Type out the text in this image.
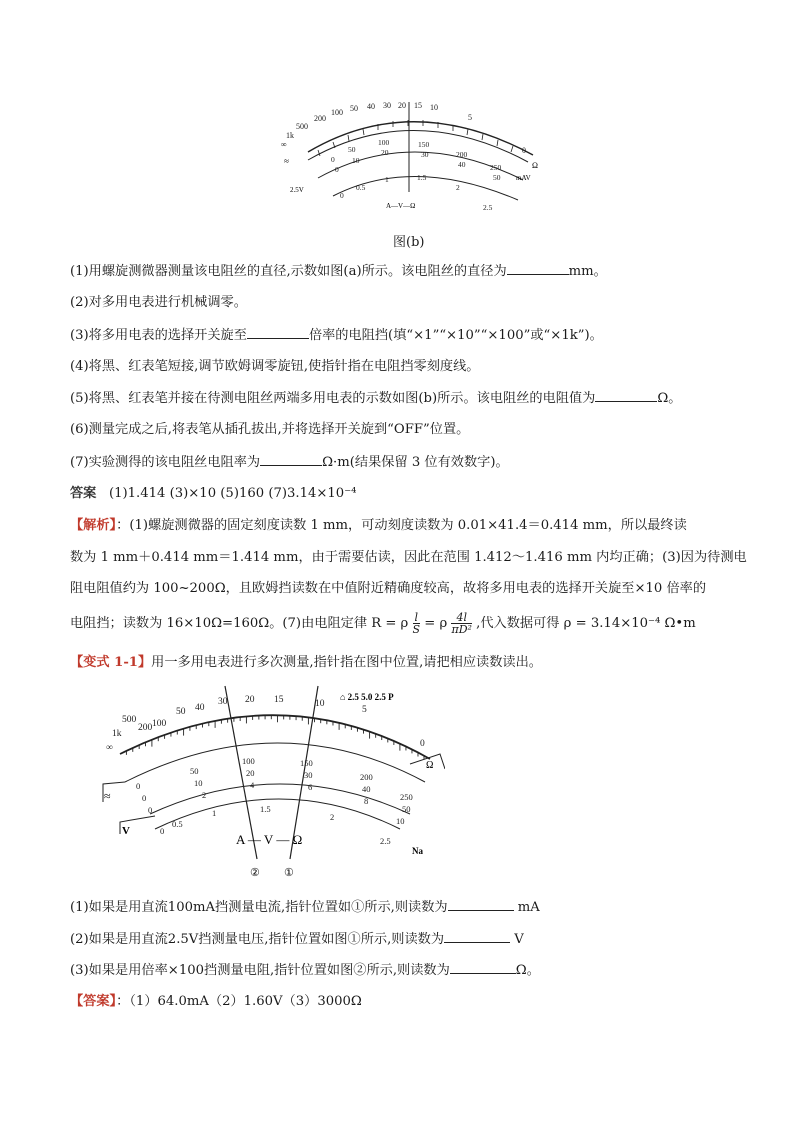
∞
1k
500
200
100 50 40 30 20 15 10
5
0
0
50
100	150
200
250
0
10
20	30
40
50
0
0.5
1	1.5
2
2.5
Ω
mAV
2.5V
≈
A—V—Ω
图(b)
(1)用螺旋测微器测量该电阻丝的直径,示数如图(a)所示。该电阻丝的直径为	mm。
(2)对多用电表进行机械调零。
(3)将多用电表的选择开关旋至	倍率的电阻挡(填“×1”“×10”“×100”或“×1k”)。
(4)将黑、红表笔短接,调节欧姆调零旋钮,使指针指在电阻挡零刻度线。
(5)将黑、红表笔并接在待测电阻丝两端多用电表的示数如图(b)所示。该电阻丝的电阻值为	Ω。
(6)测量完成之后,将表笔从插孔拔出,并将选择开关旋到“OFF”位置。
(7)实验测得的该电阻丝电阻率为	Ω·m(结果保留 3 位有效数字)。
答案 (1)1.414 (3)×10 (5)160 (7)3.14×10⁻⁴
【解析】：(1)螺旋测微器的固定刻度读数 1 mm，可动刻度读数为 0.01×41.4＝0.414 mm，所以最终读
数为 1 mm＋0.414 mm＝1.414 mm，由于需要估读，因此在范围 1.412～1.416 mm 内均正确；(3)因为待测电
阻电阻值约为 100~200Ω，且欧姆挡读数在中值附近精确度较高，故将多用电表的选择开关旋至×10 倍率的
电阻挡；读数为 16×10Ω=160Ω。(7)由电阻定律 R = ρ $\frac{l}{S} = \rho \frac{4l}{\text{πD²}}$ ,代入数据可得 ρ = 3.14×10⁻⁴ Ω•m
【变式 1-1】用一多用电表进行多次测量,指针指在图中位置,请把相应读数读出。
∞
1k
500
200 100
50 40
30 20 15	10
5
0
0
50
100	150
200
250
0
10
20	30
40
50
0
2
4	6
8
10
0
0.5
1	1.5
2
2.5
⌂ 2.5 5.0 2.5 P
Ω
V
≈
Na
A — V — Ω
①
②
(1)如果是用直流100mA挡测量电流,指针位置如①所示,则读数为	mA
(2)如果是用直流2.5V挡测量电压,指针位置如图①所示,则读数为	V
(3)如果是用倍率×100挡测量电阻,指针位置如图②所示,则读数为	Ω。
【答案】：（1）64.0mA（2）1.60V（3）3000Ω
